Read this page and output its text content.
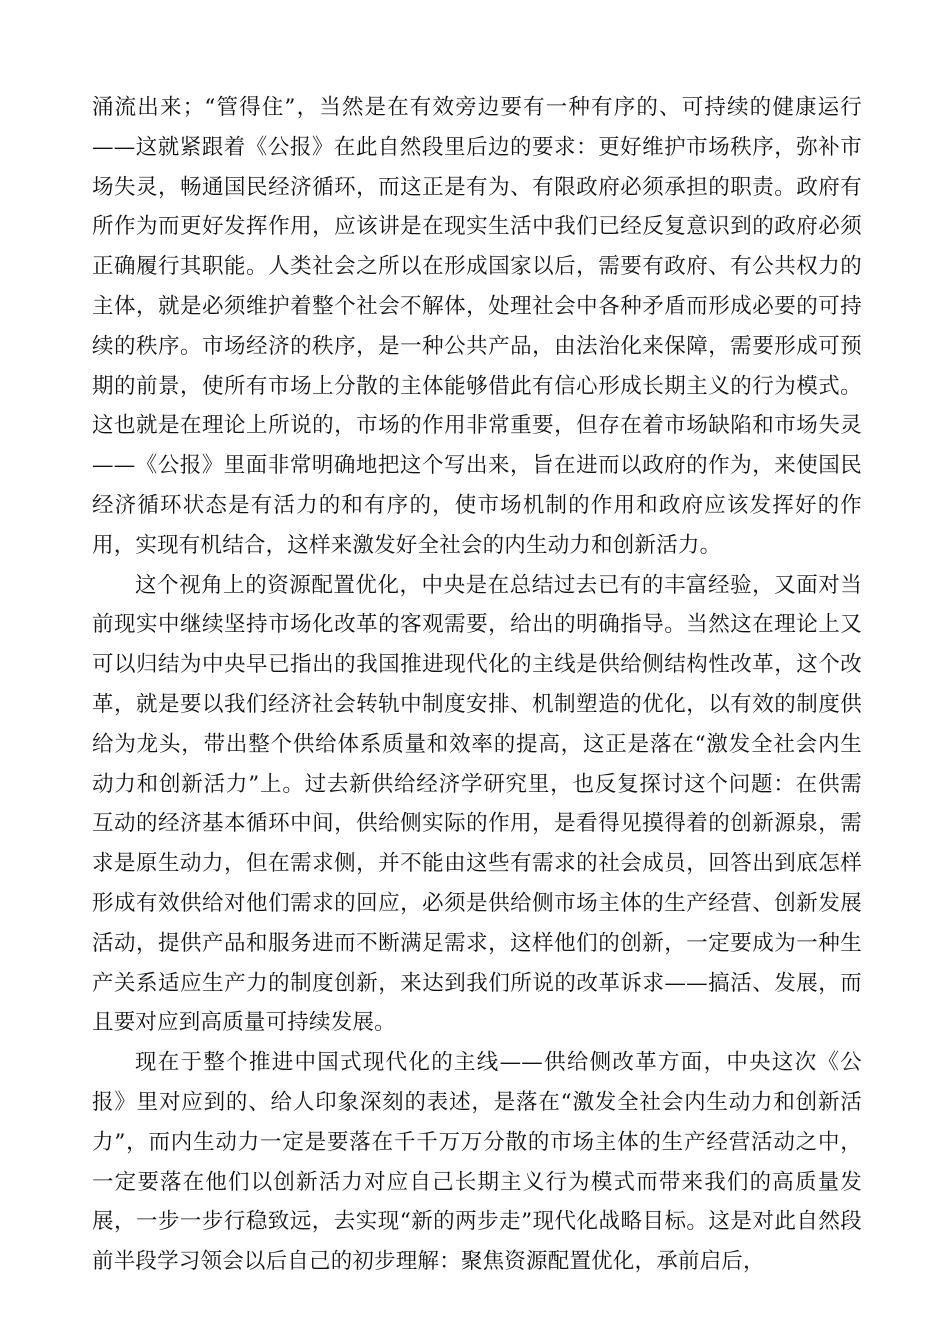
涌流出来；“管得住”，当然是在有效旁边要有一种有序的、可持续的健康运行——这就紧跟着《公报》在此自然段里后边的要求：更好维护市场秩序，弥补市场失灵，畅通国民经济循环，而这正是有为、有限政府必须承担的职责。政府有所作为而更好发挥作用，应该讲是在现实生活中我们已经反复意识到的政府必须正确履行其职能。人类社会之所以在形成国家以后，需要有政府、有公共权力的主体，就是必须维护着整个社会不解体，处理社会中各种矛盾而形成必要的可持续的秩序。市场经济的秩序，是一种公共产品，由法治化来保障，需要形成可预期的前景，使所有市场上分散的主体能够借此有信心形成长期主义的行为模式。这也就是在理论上所说的，市场的作用非常重要，但存在着市场缺陷和市场失灵——《公报》里面非常明确地把这个写出来，旨在进而以政府的作为，来使国民经济循环状态是有活力的和有序的，使市场机制的作用和政府应该发挥好的作用，实现有机结合，这样来激发好全社会的内生动力和创新活力。

这个视角上的资源配置优化，中央是在总结过去已有的丰富经验，又面对当前现实中继续坚持市场化改革的客观需要，给出的明确指导。当然这在理论上又可以归结为中央早已指出的我国推进现代化的主线是供给侧结构性改革，这个改革，就是要以我们经济社会转轨中制度安排、机制塑造的优化，以有效的制度供给为龙头，带出整个供给体系质量和效率的提高，这正是落在“激发全社会内生动力和创新活力”上。过去新供给经济学研究里，也反复探讨这个问题：在供需互动的经济基本循环中间，供给侧实际的作用，是看得见摸得着的创新源泉，需求是原生动力，但在需求侧，并不能由这些有需求的社会成员，回答出到底怎样形成有效供给对他们需求的回应，必须是供给侧市场主体的生产经营、创新发展活动，提供产品和服务进而不断满足需求，这样他们的创新，一定要成为一种生产关系适应生产力的制度创新，来达到我们所说的改革诉求——搞活、发展，而且要对应到高质量可持续发展。

现在于整个推进中国式现代化的主线——供给侧改革方面，中央这次《公报》里对应到的、给人印象深刻的表述，是落在“激发全社会内生动力和创新活力”，而内生动力一定是要落在千千万万分散的市场主体的生产经营活动之中，一定要落在他们以创新活力对应自己长期主义行为模式而带来我们的高质量发展，一步一步行稳致远，去实现“新的两步走”现代化战略目标。这是对此自然段前半段学习领会以后自己的初步理解：聚焦资源配置优化，承前启后，
